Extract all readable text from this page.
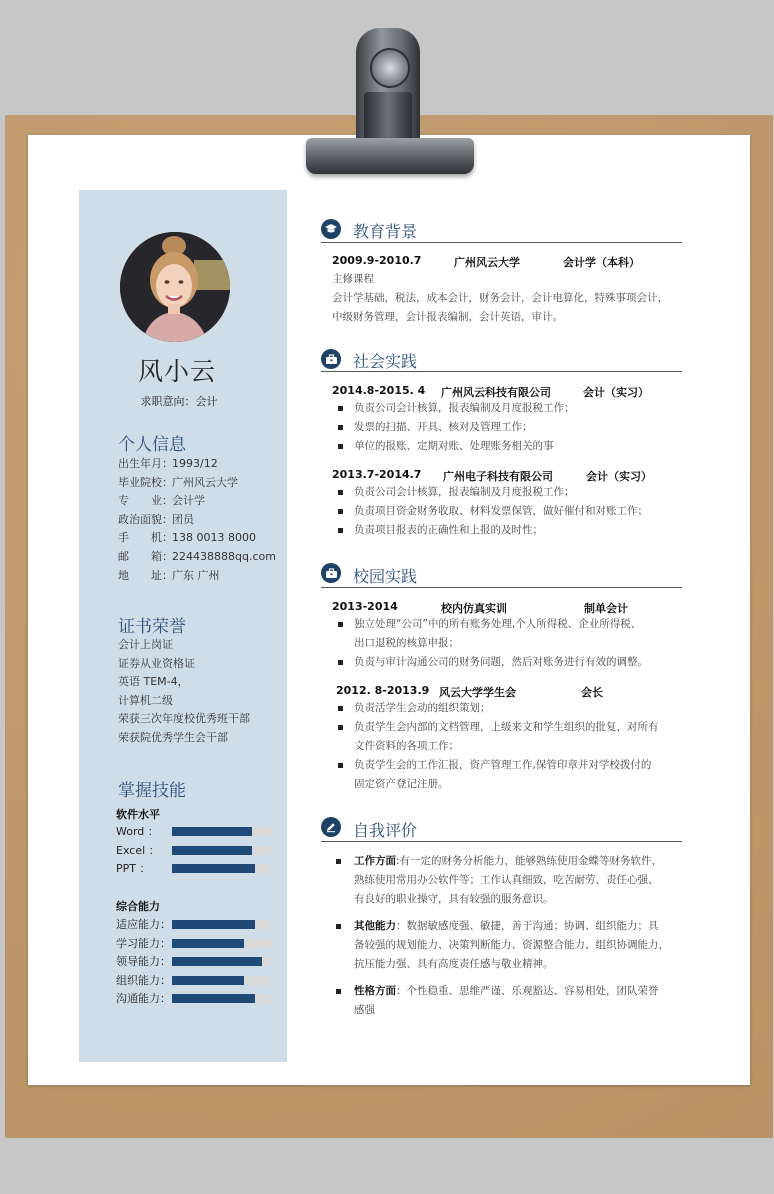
风小云
求职意向：会计
个人信息
出生年月：1993/12
毕业院校：广州风云大学
专　　业：会计学
政治面貌：团员
手　　机：138 0013 8000
邮　　箱：224438888qq.com
地　　址：广东 广州
证书荣誉
会计上岗证
证券从业资格证
英语 TEM-4，
计算机二级
荣获三次年度校优秀班干部
荣获院优秀学生会干部
掌握技能
软件水平
Word ：
Excel ：
PPT ：
综合能力
适应能力：
学习能力：
领导能力：
组织能力：
沟通能力：
教育背景
2009.9-2010.7	广州风云大学	会计学（本科）
主修课程
会计学基础，税法，成本会计，财务会计，会计电算化，特殊事项会计，
中级财务管理，会计报表编制，会计英语，审计。
社会实践
2014.8-2015. 4 广州风云科技有限公司	会计（实习）
负责公司会计核算，报表编制及月度报税工作；
发票的扫描、开具、核对及管理工作；
单位的报账、定期对账、处理账务相关的事
2013.7-2014.7 广州电子科技有限公司	会计（实习）
负责公司会计核算，报表编制及月度报税工作；
负责项目资金财务收取、材料发票保管，做好催付和对账工作；
负责项目报表的正确性和上报的及时性；
校园实践
2013-2014	校内仿真实训	制单会计
独立处理“公司”中的所有账务处理,个人所得税、企业所得税、
出口退税的核算申报；
负责与审计沟通公司的财务问题，然后对账务进行有效的调整。
2012. 8-2013.9 风云大学学生会	会长
负责活学生会动的组织策划；
负责学生会内部的文档管理，上级来文和学生组织的批复，对所有
文件资料的各项工作；
负责学生会的工作汇报，资产管理工作,保管印章并对学校拨付的
固定资产登记注册。
自我评价
工作方面:有一定的财务分析能力，能够熟练使用金蝶等财务软件，
熟练使用常用办公软件等；工作认真细致，吃苦耐劳、责任心强、
有良好的职业操守，具有较强的服务意识。
其他能力：数据敏感度强、敏捷，善于沟通；协调、组织能力；具
备较强的规划能力、决策判断能力、资源整合能力、组织协调能力，
抗压能力强、具有高度责任感与敬业精神。
性格方面：个性稳重、思维严谨、乐观豁达、容易相处，团队荣誉
感强
